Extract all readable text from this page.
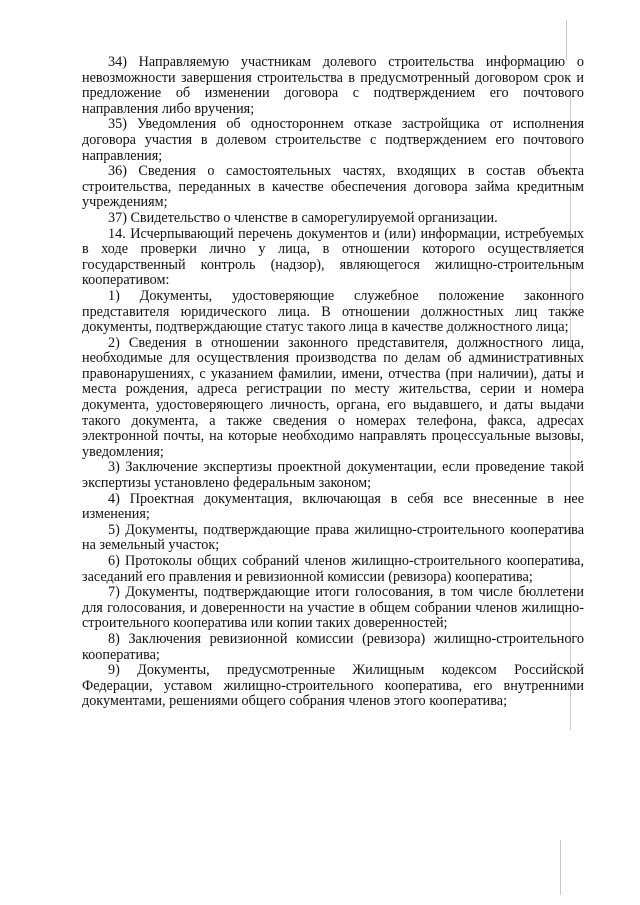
34) Направляемую участникам долевого строительства информацию о невозможности завершения строительства в предусмотренный договором срок и предложение об изменении договора с подтверждением его почтового направления либо вручения;

35) Уведомления об одностороннем отказе застройщика от исполнения договора участия в долевом строительстве с подтверждением его почтового направления;

36) Сведения о самостоятельных частях, входящих в состав объекта строительства, переданных в качестве обеспечения договора займа кредитным учреждениям;

37) Свидетельство о членстве в саморегулируемой организации.

14. Исчерпывающий перечень документов и (или) информации, истребуемых в ходе проверки лично у лица, в отношении которого осуществляется государственный контроль (надзор), являющегося жилищно-строительным кооперативом:

1) Документы, удостоверяющие служебное положение законного представителя юридического лица. В отношении должностных лиц также документы, подтверждающие статус такого лица в качестве должностного лица;

2) Сведения в отношении законного представителя, должностного лица, необходимые для осуществления производства по делам об административных правонарушениях, с указанием фамилии, имени, отчества (при наличии), даты и места рождения, адреса регистрации по месту жительства, серии и номера документа, удостоверяющего личность, органа, его выдавшего, и даты выдачи такого документа, а также сведения о номерах телефона, факса, адресах электронной почты, на которые необходимо направлять процессуальные вызовы, уведомления;

3) Заключение экспертизы проектной документации, если проведение такой экспертизы установлено федеральным законом;

4) Проектная документация, включающая в себя все внесенные в нее изменения;

5) Документы, подтверждающие права жилищно-строительного кооператива на земельный участок;

6) Протоколы общих собраний членов жилищно-строительного кооператива, заседаний его правления и ревизионной комиссии (ревизора) кооператива;

7) Документы, подтверждающие итоги голосования, в том числе бюллетени для голосования, и доверенности на участие в общем собрании членов жилищно-строительного кооператива или копии таких доверенностей;

8) Заключения ревизионной комиссии (ревизора) жилищно-строительного кооператива;

9) Документы, предусмотренные Жилищным кодексом Российской Федерации, уставом жилищно-строительного кооператива, его внутренними документами, решениями общего собрания членов этого кооператива;
